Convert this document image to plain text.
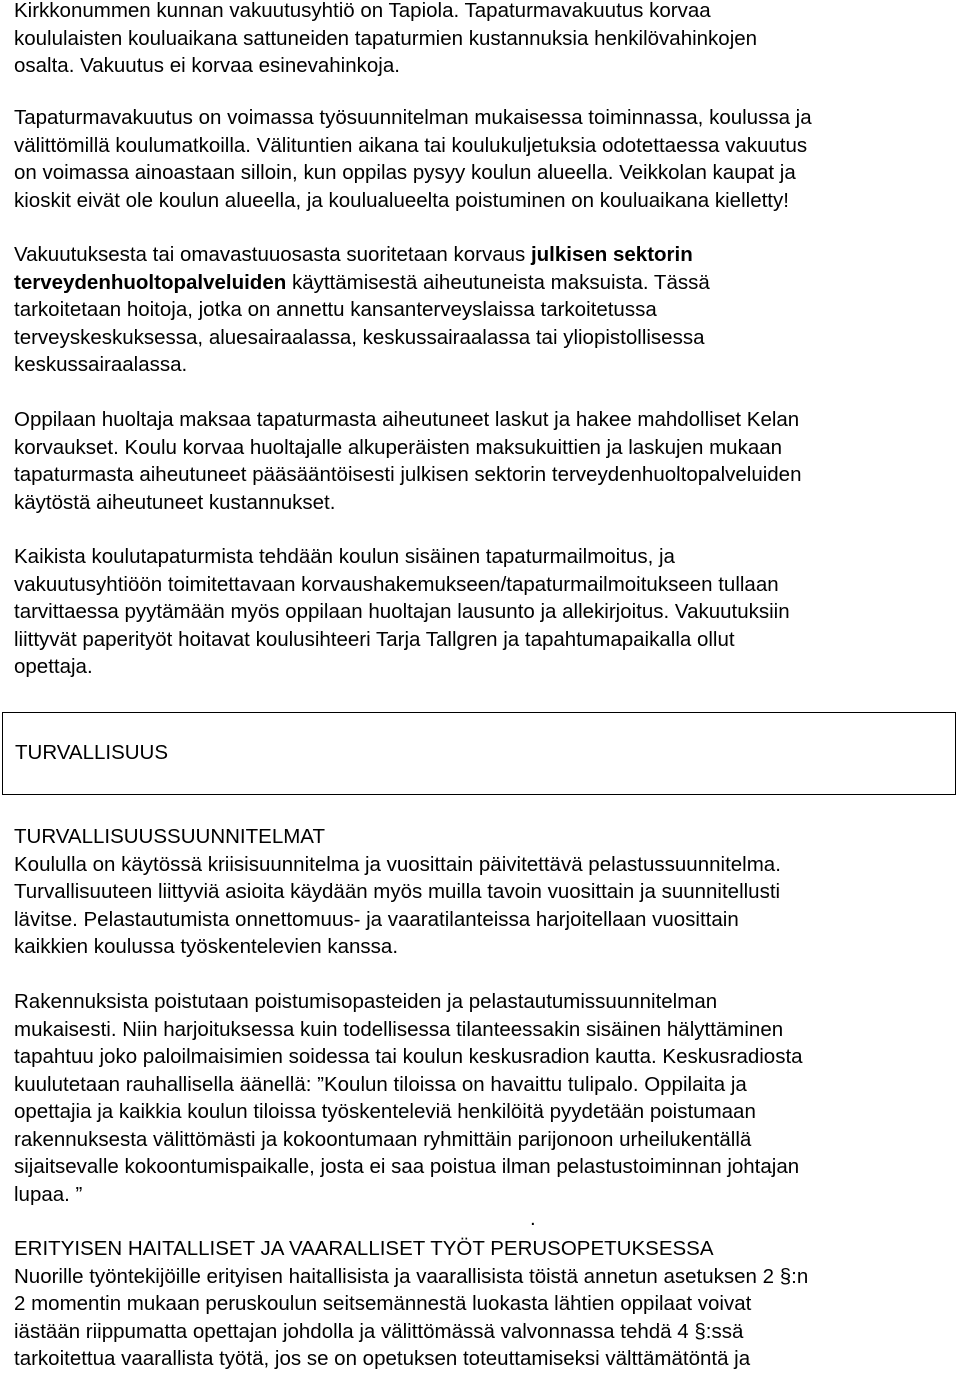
Kirkkonummen kunnan vakuutusyhtiö on Tapiola. Tapaturmavakuutus korvaa
koululaisten kouluaikana sattuneiden tapaturmien kustannuksia henkilövahinkojen
osalta. Vakuutus ei korvaa esinevahinkoja.
Tapaturmavakuutus on voimassa työsuunnitelman mukaisessa toiminnassa, koulussa ja
välittömillä koulumatkoilla. Välituntien aikana tai koulukuljetuksia odotettaessa vakuutus
on voimassa ainoastaan silloin, kun oppilas pysyy koulun alueella. Veikkolan kaupat ja
kioskit eivät ole koulun alueella, ja koulualueelta poistuminen on kouluaikana kielletty!
Vakuutuksesta tai omavastuuosasta suoritetaan korvaus julkisen sektorin
terveydenhuoltopalveluiden käyttämisestä aiheutuneista maksuista. Tässä
tarkoitetaan hoitoja, jotka on annettu kansanterveyslaissa tarkoitetussa
terveyskeskuksessa, aluesairaalassa, keskussairaalassa tai yliopistollisessa
keskussairaalassa.
Oppilaan huoltaja maksaa tapaturmasta aiheutuneet laskut ja hakee mahdolliset Kelan
korvaukset. Koulu korvaa huoltajalle alkuperäisten maksukuittien ja laskujen mukaan
tapaturmasta aiheutuneet pääsääntöisesti julkisen sektorin terveydenhuoltopalveluiden
käytöstä aiheutuneet kustannukset.
Kaikista koulutapaturmista tehdään koulun sisäinen tapaturmailmoitus, ja
vakuutusyhtiöön toimitettavaan korvaushakemukseen/tapaturmailmoitukseen tullaan
tarvittaessa pyytämään myös oppilaan huoltajan lausunto ja allekirjoitus. Vakuutuksiin
liittyvät paperityöt hoitavat koulusihteeri Tarja Tallgren ja tapahtumapaikalla ollut
opettaja.
TURVALLISUUSSUUNNITELMAT
Koululla on käytössä kriisisuunnitelma ja vuosittain päivitettävä pelastussuunnitelma.
Turvallisuuteen liittyviä asioita käydään myös muilla tavoin vuosittain ja suunnitellusti
lävitse. Pelastautumista onnettomuus- ja vaaratilanteissa harjoitellaan vuosittain
kaikkien koulussa työskentelevien kanssa.
Rakennuksista poistutaan poistumisopasteiden ja pelastautumissuunnitelman
mukaisesti. Niin harjoituksessa kuin todellisessa tilanteessakin sisäinen hälyttäminen
tapahtuu joko paloilmaisimien soidessa tai koulun keskusradion kautta. Keskusradiosta
kuulutetaan rauhallisella äänellä: ”Koulun tiloissa on havaittu tulipalo. Oppilaita ja
opettajia ja kaikkia koulun tiloissa työskenteleviä henkilöitä pyydetään poistumaan
rakennuksesta välittömästi ja kokoontumaan ryhmittäin parijonoon urheilukentällä
sijaitsevalle kokoontumispaikalle, josta ei saa poistua ilman pelastustoiminnan johtajan
lupaa. ”
.
ERITYISEN HAITALLISET JA VAARALLISET TYÖT PERUSOPETUKSESSA
Nuorille työntekijöille erityisen haitallisista ja vaarallisista töistä annetun asetuksen 2 §:n
2 momentin mukaan peruskoulun seitsemännestä luokasta lähtien oppilaat voivat
iästään riippumatta opettajan johdolla ja välittömässä valvonnassa tehdä 4 §:ssä
tarkoitettua vaarallista työtä, jos se on opetuksen toteuttamiseksi välttämätöntä ja
TURVALLISUUS
